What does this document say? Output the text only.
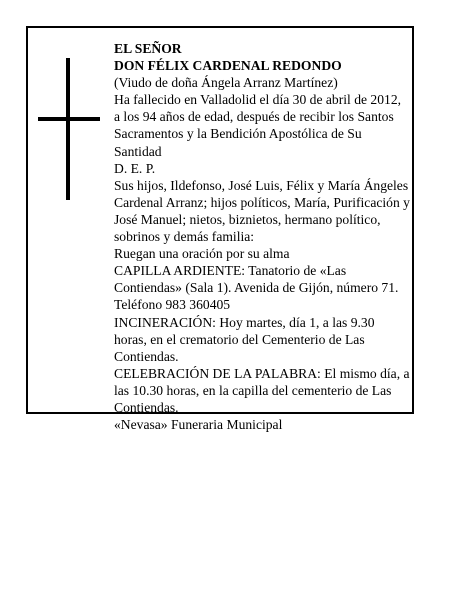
EL SEÑOR

DON FÉLIX CARDENAL REDONDO

(Viudo de doña Ángela Arranz Martínez)

Ha fallecido en Valladolid el día 30 de abril de 2012, a los 94 años de edad, después de recibir los Santos Sacramentos y la Bendición Apostólica de Su Santidad

D. E. P.

Sus hijos, Ildefonso, José Luis, Félix y María Ángeles Cardenal Arranz; hijos políticos, María, Purificación y José Manuel; nietos, biznietos, hermano político, sobrinos y demás familia:

Ruegan una oración por su alma

CAPILLA ARDIENTE: Tanatorio de «Las Contiendas» (Sala 1). Avenida de Gijón, número 71. Teléfono 983 360405

INCINERACIÓN: Hoy martes, día 1, a las 9.30 horas, en el crematorio del Cementerio de Las Contiendas.

CELEBRACIÓN DE LA PALABRA: El mismo día, a las 10.30 horas, en la capilla del cementerio de Las Contiendas.

«Nevasa» Funeraria Municipal
